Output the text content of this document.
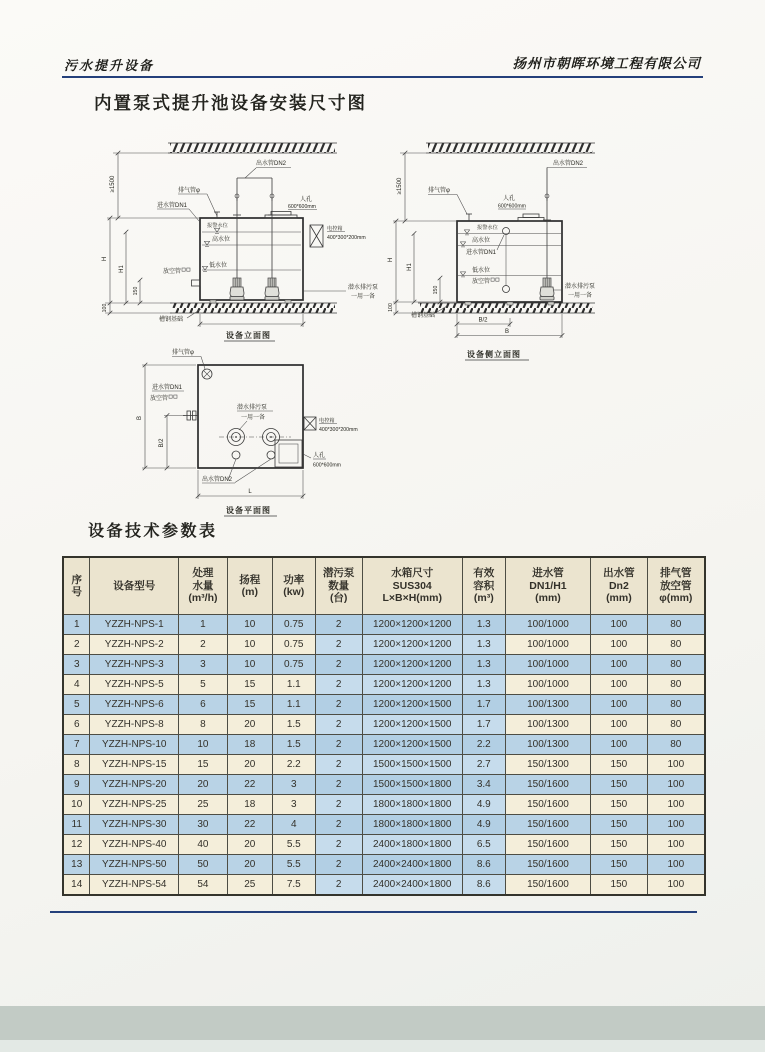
污水提升设备	扬州市朝晖环境工程有限公司
内置泵式提升池设备安装尺寸图
出水管DN2
排气管φ
进水管DN1
人孔
600*600mm
报警水位
高水位
低水位
放空管
电控箱
400*300*200mm
潜水排污泵
一用一备
槽钢基础
≥1500
H
H1
150
100
设备立面图
出水管DN2
排气管φ
人孔
600*600mm
报警水位
高水位
进水管DN1
低水位
放空管
潜水排污泵
一用一备
槽钢基础
≥1500
H
H1
150
100
B/2
B
设备侧立面图
排气管φ
进水管DN1
放空管
潜水排污泵
一用一备	电控箱
400*300*200mm
人孔
600*600mm
出水管DN2
B
B/2
L
设备平面图
设备技术参数表
序
号

设备型号

处理
水量
(m³/h)

扬程
(m)

功率
(kw)

潜污泵
数量
(台)

水箱尺寸
SUS304
L×B×H(mm)

有效
容积
(m³)

进水管
DN1/H1
(mm)

出水管
Dn2
(mm)

排气管
放空管
φ(mm)

1	YZZH-NPS-1	1	10	0.75	2	1200×1200×1200	1.3	100/1000	100	80
2	YZZH-NPS-2	2	10	0.75	2	1200×1200×1200	1.3	100/1000	100	80
3	YZZH-NPS-3	3	10	0.75	2	1200×1200×1200	1.3	100/1000	100	80
4	YZZH-NPS-5	5	15	1.1	2	1200×1200×1200	1.3	100/1000	100	80
5	YZZH-NPS-6	6	15	1.1	2	1200×1200×1500	1.7	100/1300	100	80
6	YZZH-NPS-8	8	20	1.5	2	1200×1200×1500	1.7	100/1300	100	80
7	YZZH-NPS-10	10	18	1.5	2	1200×1200×1500	2.2	100/1300	100	80
8	YZZH-NPS-15	15	20	2.2	2	1500×1500×1500	2.7	150/1300	150	100
9	YZZH-NPS-20	20	22	3	2	1500×1500×1800	3.4	150/1600	150	100
10	YZZH-NPS-25	25	18	3	2	1800×1800×1800	4.9	150/1600	150	100
11	YZZH-NPS-30	30	22	4	2	1800×1800×1800	4.9	150/1600	150	100
12	YZZH-NPS-40	40	20	5.5	2	2400×1800×1800	6.5	150/1600	150	100
13	YZZH-NPS-50	50	20	5.5	2	2400×2400×1800	8.6	150/1600	150	100
14	YZZH-NPS-54	54	25	7.5	2	2400×2400×1800	8.6	150/1600	150	100
